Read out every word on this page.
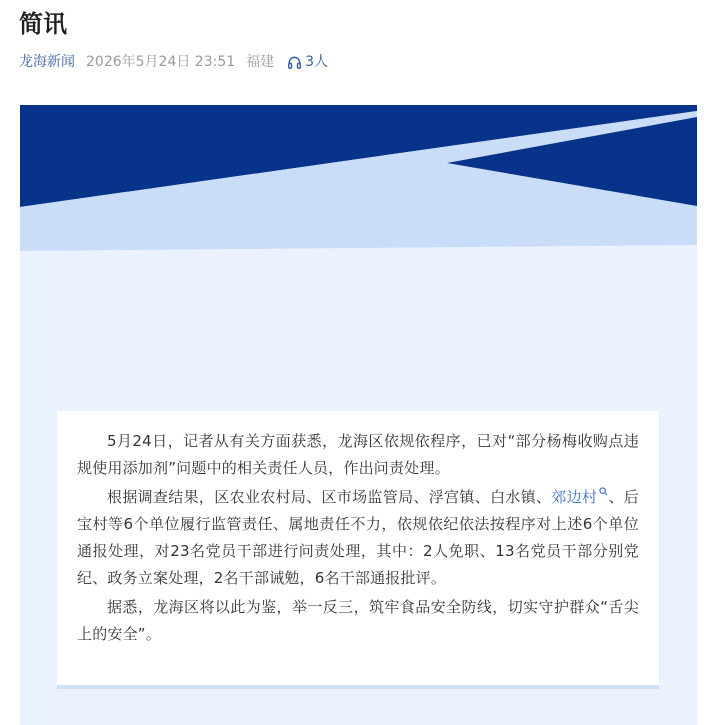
简讯
龙海新闻 2026年5月24日 23:51 福建 3人

5月24日，记者从有关方面获悉，龙海区依规依程序，已对“部分杨梅收购点违规使用添加剂”问题中的相关责任人员，作出问责处理。

根据调查结果，区农业农村局、区市场监管局、浮宫镇、白水镇、郊边村 、后宝村等6个单位履行监管责任、属地责任不力，依规依纪依法按程序对上述6个单位通报处理，对23名党员干部进行问责处理，其中：2人免职、13名党员干部分别党纪、政务立案处理，2名干部诫勉，6名干部通报批评。

据悉，龙海区将以此为鉴，举一反三，筑牢食品安全防线，切实守护群众“舌尖上的安全”。
